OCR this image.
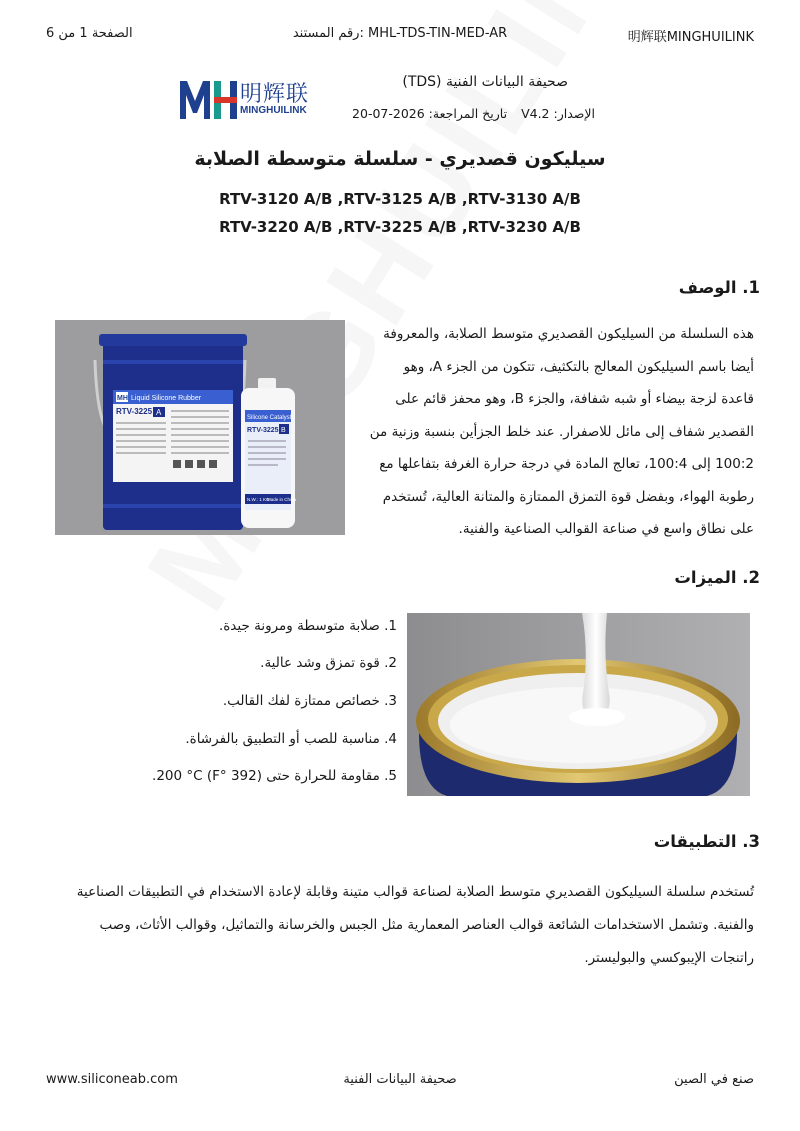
الصفحة 1 من 6	رقم المستند: MHL-TDS-TIN-MED-AR	明辉联MINGHUILINK
明辉联
MINGHUILINK
صحيفة البيانات الفنية (TDS)
الإصدار: V4.2
تاريخ المراجعة: 2026-07-20
سيليكون قصديري - سلسلة متوسطة الصلابة
RTV-3120 A/B ,RTV-3125 A/B ,RTV-3130 A/B
RTV-3220 A/B ,RTV-3225 A/B ,RTV-3230 A/B
1. الوصف
MH Liquid Silicone Rubber
RTV-3225 A
Silicone Catalyst
RTV-3225 B
N.W.: 1 KG
Made in China
هذه السلسلة من السيليكون القصديري متوسط الصلابة، والمعروفة
أيضا باسم السيليكون المعالج بالتكثيف، تتكون من الجزء A، وهو
قاعدة لزجة بيضاء أو شبه شفافة، والجزء B، وهو محفز قائم على
القصدير شفاف إلى مائل للاصفرار. عند خلط الجزأين بنسبة وزنية من
100:2 إلى 100:4، تعالج المادة في درجة حرارة الغرفة بتفاعلها مع
رطوبة الهواء، وبفضل قوة التمزق الممتازة والمتانة العالية، تُستخدم
على نطاق واسع في صناعة القوالب الصناعية والفنية.
2. الميزات
1. صلابة متوسطة ومرونة جيدة.
2. قوة تمزق وشد عالية.
3. خصائص ممتازة لفك القالب.
4. مناسبة للصب أو التطبيق بالفرشاة.
5. مقاومة للحرارة حتى (392 °F) 200 °C.
3. التطبيقات
تُستخدم سلسلة السيليكون القصديري متوسط الصلابة لصناعة قوالب متينة وقابلة لإعادة الاستخدام في التطبيقات الصناعية
والفنية. وتشمل الاستخدامات الشائعة قوالب العناصر المعمارية مثل الجبس والخرسانة والتماثيل، وقوالب الأثاث، وصب
راتنجات الإيبوكسي والبوليستر.
www.siliconeab.com	صحيفة البيانات الفنية	صنع في الصين
